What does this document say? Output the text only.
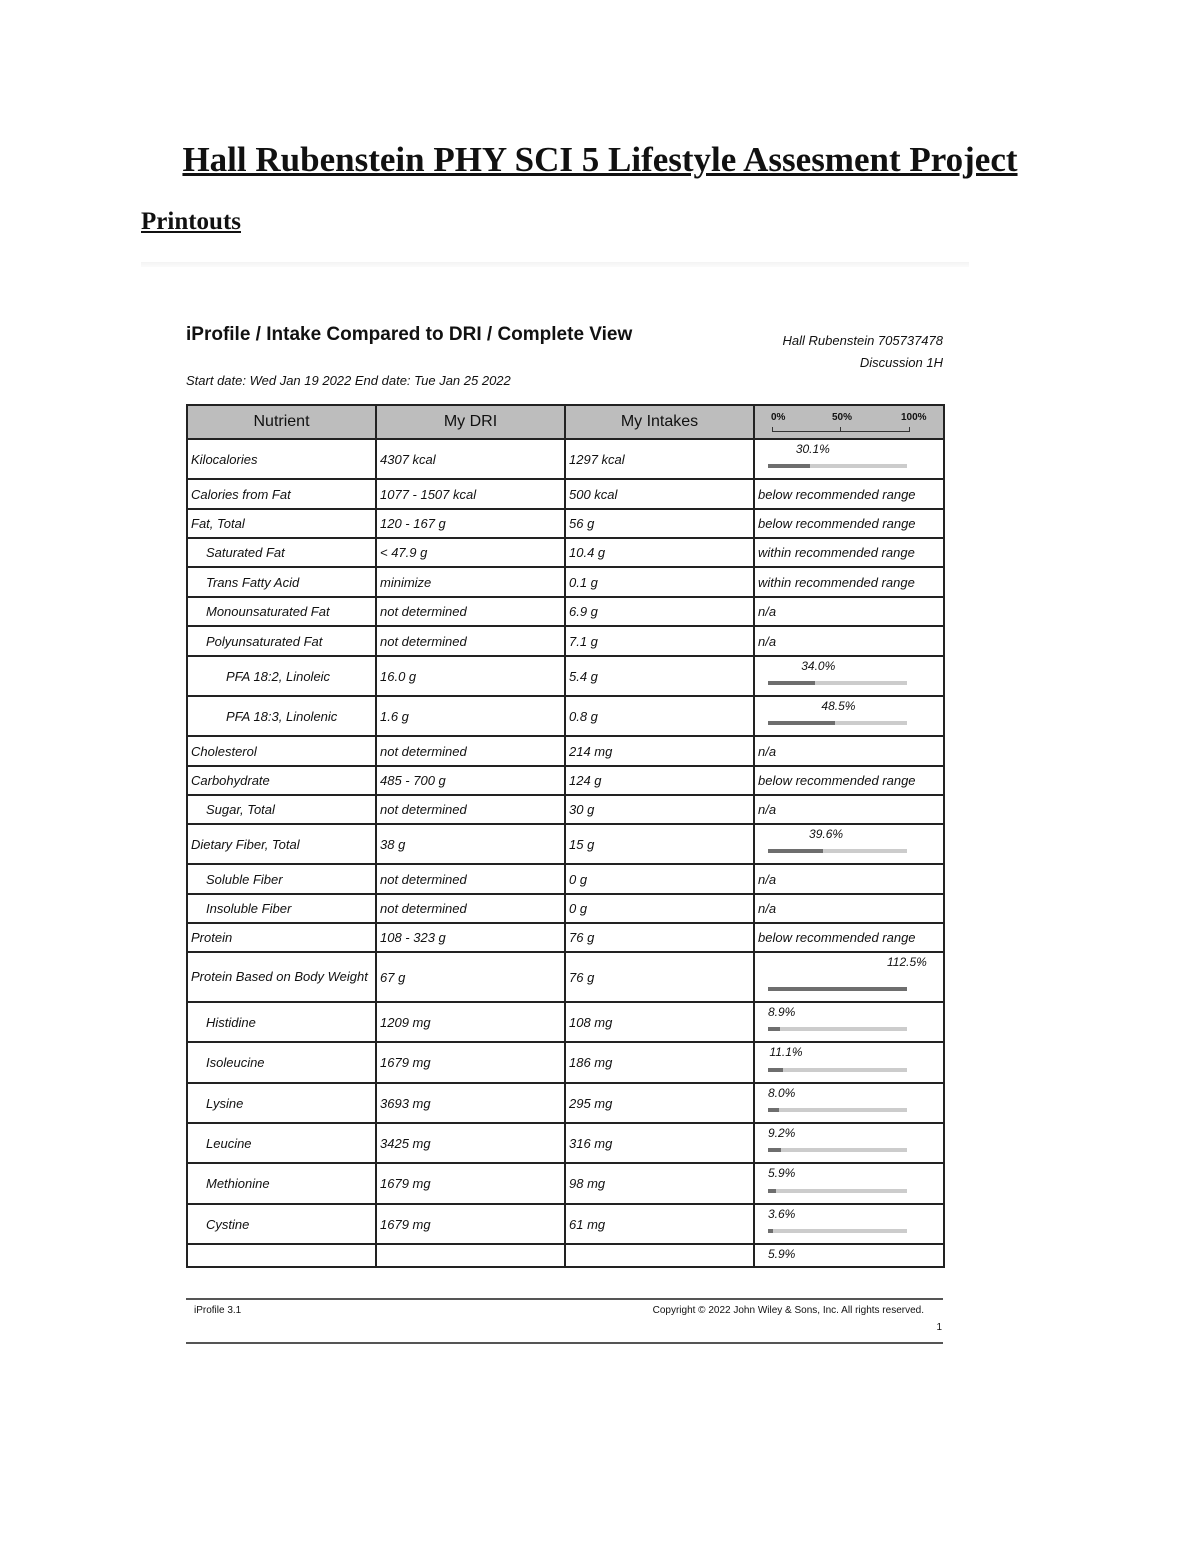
Hall Rubenstein PHY SCI 5 Lifestyle Assesment Project
Printouts
iProfile / Intake Compared to DRI / Complete View	Hall Rubenstein 705737478
Discussion 1H
Start date: Wed Jan 19 2022 End date: Tue Jan 25 2022
Nutrient	My DRI	My Intakes	0% 50% 100%

Kilocalories	4307 kcal	1297 kcal	30.1%

Calories from Fat	1077 - 1507 kcal	500 kcal	below recommended range
Fat, Total	120 - 167 g	56 g	below recommended range
Saturated Fat	< 47.9 g	10.4 g	within recommended range
Trans Fatty Acid	minimize	0.1 g	within recommended range
Monounsaturated Fat	not determined	6.9 g	n/a
Polyunsaturated Fat	not determined	7.1 g	n/a
PFA 18:2, Linoleic	16.0 g	5.4 g	34.0%

PFA 18:3, Linolenic	1.6 g	0.8 g	48.5%

Cholesterol	not determined	214 mg	n/a
Carbohydrate	485 - 700 g	124 g	below recommended range
Sugar, Total	not determined	30 g	n/a
Dietary Fiber, Total	38 g	15 g	39.6%

Soluble Fiber	not determined	0 g	n/a
Insoluble Fiber	not determined	0 g	n/a
Protein	108 - 323 g	76 g	below recommended range
Protein Based on Body Weight	67 g	76 g	112.5%

Histidine	1209 mg	108 mg	8.9%

Isoleucine	1679 mg	186 mg	11.1%

Lysine	3693 mg	295 mg	8.0%

Leucine	3425 mg	316 mg	9.2%

Methionine	1679 mg	98 mg	5.9%

Cystine	1679 mg	61 mg	3.6%

			5.9%
iProfile 3.1	Copyright © 2022 John Wiley & Sons, Inc. All rights reserved.
1
